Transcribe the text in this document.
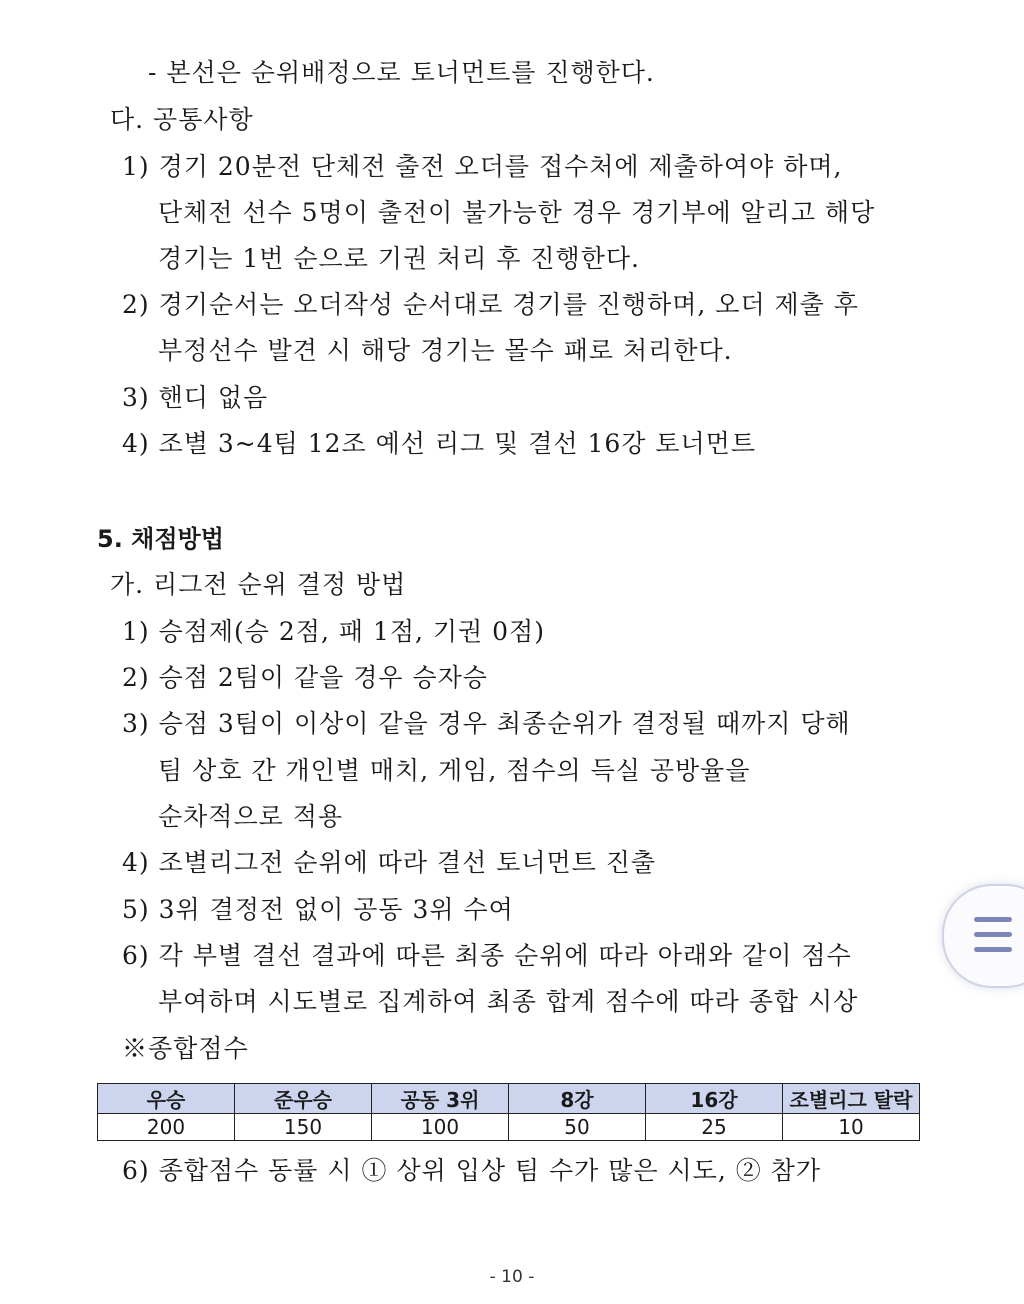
- 본선은 순위배정으로 토너먼트를 진행한다.
다. 공통사항
1) 경기 20분전 단체전 출전 오더를 접수처에 제출하여야 하며,
단체전 선수 5명이 출전이 불가능한 경우 경기부에 알리고 해당
경기는 1번 순으로 기권 처리 후 진행한다.
2) 경기순서는 오더작성 순서대로 경기를 진행하며, 오더 제출 후
부정선수 발견 시 해당 경기는 몰수 패로 처리한다.
3) 핸디 없음
4) 조별 3~4팀 12조 예선 리그 및 결선 16강 토너먼트
5. 채점방법
가. 리그전 순위 결정 방법
1) 승점제(승 2점, 패 1점, 기권 0점)
2) 승점 2팀이 같을 경우 승자승
3) 승점 3팀이 이상이 같을 경우 최종순위가 결정될 때까지 당해
팀 상호 간 개인별 매치, 게임, 점수의 득실 공방율을
순차적으로 적용
4) 조별리그전 순위에 따라 결선 토너먼트 진출
5) 3위 결정전 없이 공동 3위 수여
6) 각 부별 결선 결과에 따른 최종 순위에 따라 아래와 같이 점수
부여하며 시도별로 집계하여 최종 합계 점수에 따라 종합 시상
※종합점수
우승	준우승	공동 3위	8강	16강	조별리그 탈락
200	150	100	50	25	10
6) 종합점수 동률 시 ① 상위 입상 팀 수가 많은 시도, ② 참가
- 10 -
